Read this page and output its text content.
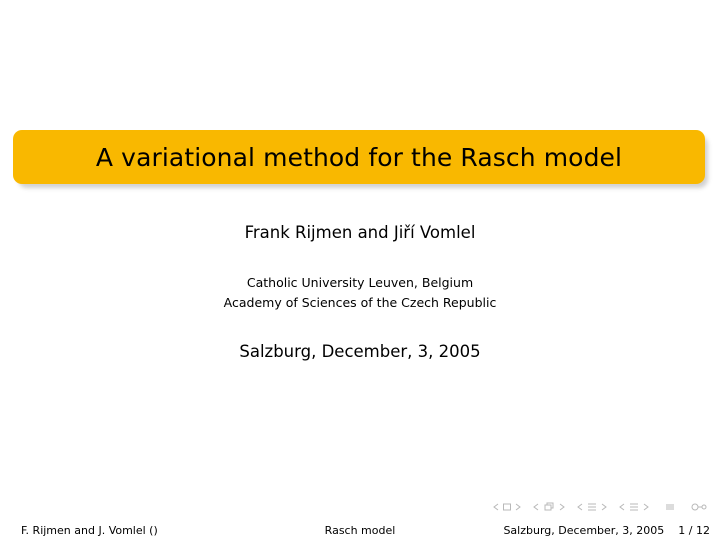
A variational method for the Rasch model
Frank Rijmen and Jiří Vomlel
Catholic University Leuven, Belgium
Academy of Sciences of the Czech Republic
Salzburg, December, 3, 2005
F. Rijmen and J. Vomlel ()	Rasch model	Salzburg, December, 3, 2005 1 / 12
